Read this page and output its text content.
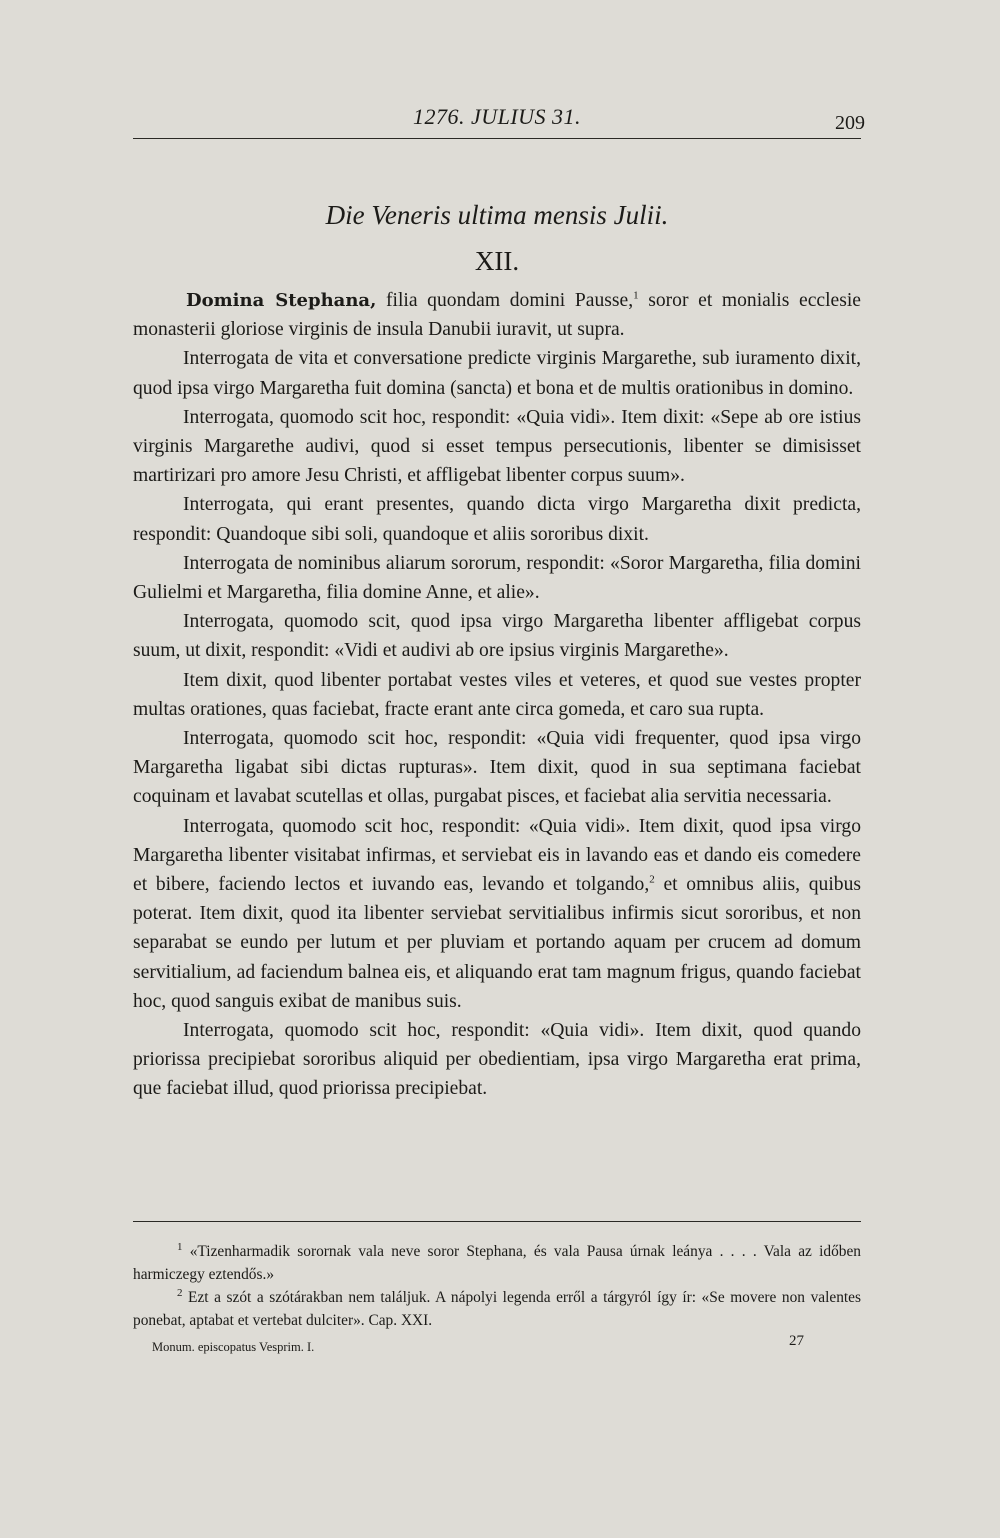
1276. JULIUS 31.	209
Die Veneris ultima mensis Julii.
XII.

Domina Stephana, filia quondam domini Pausse,$^1$ soror et monialis ecclesie monasterii gloriose virginis de insula Danubii iuravit, ut supra.

Interrogata de vita et conversatione predicte virginis Margarethe, sub iuramento dixit, quod ipsa virgo Margaretha fuit domina (sancta) et bona et de multis orationibus in domino.

Interrogata, quomodo scit hoc, respondit: «Quia vidi». Item dixit: «Sepe ab ore istius virginis Margarethe audivi, quod si esset tempus persecutionis, libenter se dimisisset martirizari pro amore Jesu Christi, et affligebat libenter corpus suum».

Interrogata, qui erant presentes, quando dicta virgo Margaretha dixit predicta, respondit: Quandoque sibi soli, quandoque et aliis sororibus dixit.

Interrogata de nominibus aliarum sororum, respondit: «Soror Margaretha, filia domini Gulielmi et Margaretha, filia domine Anne, et alie».

Interrogata, quomodo scit, quod ipsa virgo Margaretha libenter affligebat corpus suum, ut dixit, respondit: «Vidi et audivi ab ore ipsius virginis Margarethe».

Item dixit, quod libenter portabat vestes viles et veteres, et quod sue vestes propter multas orationes, quas faciebat, fracte erant ante circa gomeda, et caro sua rupta.

Interrogata, quomodo scit hoc, respondit: «Quia vidi frequenter, quod ipsa virgo Margaretha ligabat sibi dictas rupturas». Item dixit, quod in sua septimana faciebat coquinam et lavabat scutellas et ollas, purgabat pisces, et faciebat alia servitia necessaria.

Interrogata, quomodo scit hoc, respondit: «Quia vidi». Item dixit, quod ipsa virgo Margaretha libenter visitabat infirmas, et serviebat eis in lavando eas et dando eis comedere et bibere, faciendo lectos et iuvando eas, levando et tolgando,$^2$ et omnibus aliis, quibus poterat. Item dixit, quod ita libenter serviebat servitialibus infirmis sicut sororibus, et non separabat se eundo per lutum et per pluviam et portando aquam per crucem ad domum servitialium, ad faciendum balnea eis, et aliquando erat tam magnum frigus, quando faciebat hoc, quod sanguis exibat de manibus suis.

Interrogata, quomodo scit hoc, respondit: «Quia vidi». Item dixit, quod quando priorissa precipiebat sororibus aliquid per obedientiam, ipsa virgo Margaretha erat prima, que faciebat illud, quod priorissa precipiebat.

$^1$ «Tizenharmadik sorornak vala neve soror Stephana, és vala Pausa úrnak leánya . . . . Vala az időben harmiczegy eztendős.»

$^2$ Ezt a szót a szótárakban nem találjuk. A nápolyi legenda erről a tárgyról így ír: «Se movere non valentes ponebat, aptabat et vertebat dulciter». Cap. XXI.

Monum. episcopatus Vesprim. I.	27
